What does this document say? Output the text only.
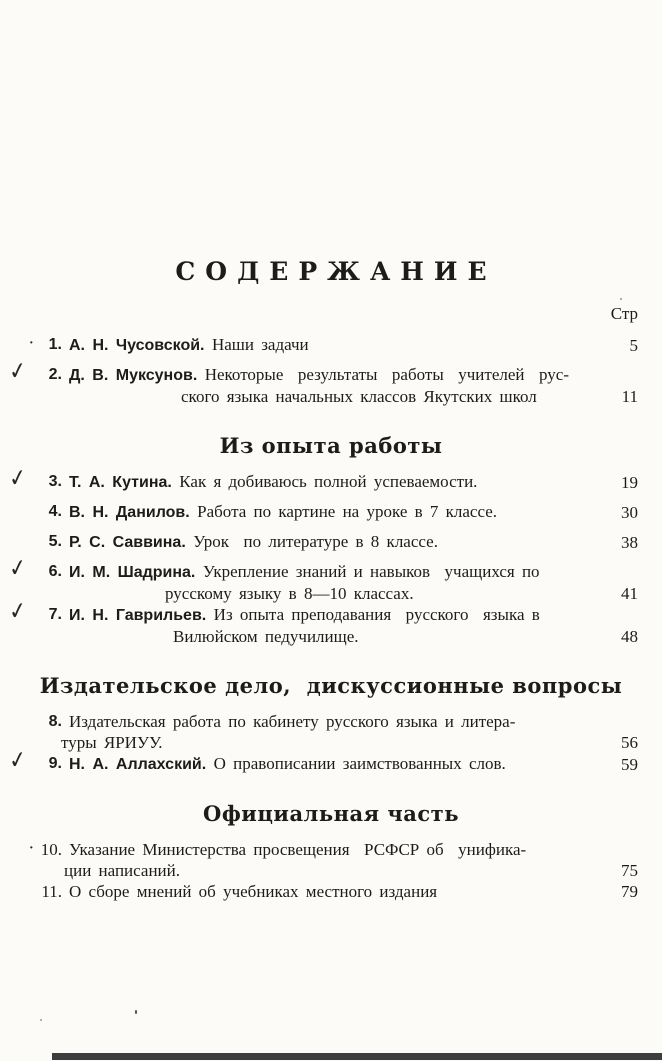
СОДЕРЖАНИЕ
Стр
· 1. А. Н. Чусовской. Наши задачи	5
✓	2. Д. В. Муксунов. Некоторые  результаты  работы  учителей  рус-
ского языка начальных классов Якутских школ	11
Из опыта работы
✓	3. Т. А. Кутина. Как я добиваюсь полной успеваемости.	19
4. В. Н. Данилов. Работа по картине на уроке в 7 классе.	30
5. Р. С. Саввина. Урок  по литературе в 8 классе.	38
✓	6. И. М. Шадрина. Укрепление знаний и навыков  учащихся по
русскому языку в 8—10 классах.	41
✓	7. И. Н. Гаврильев. Из опыта преподавания  русского  языка в
Вилюйском педучилище.	48
Издательское дело,  дискуссионные вопросы
8. Издательская работа по кабинету русского языка и литера-
туры ЯРИУУ.	56
✓	9. Н. А. Аллахский. О правописании заимствованных слов.	59
Официальная часть
· 10. Указание Министерства просвещения  РСФСР об  унифика-
ции написаний.	75
11. О сборе мнений об учебниках местного издания	79
